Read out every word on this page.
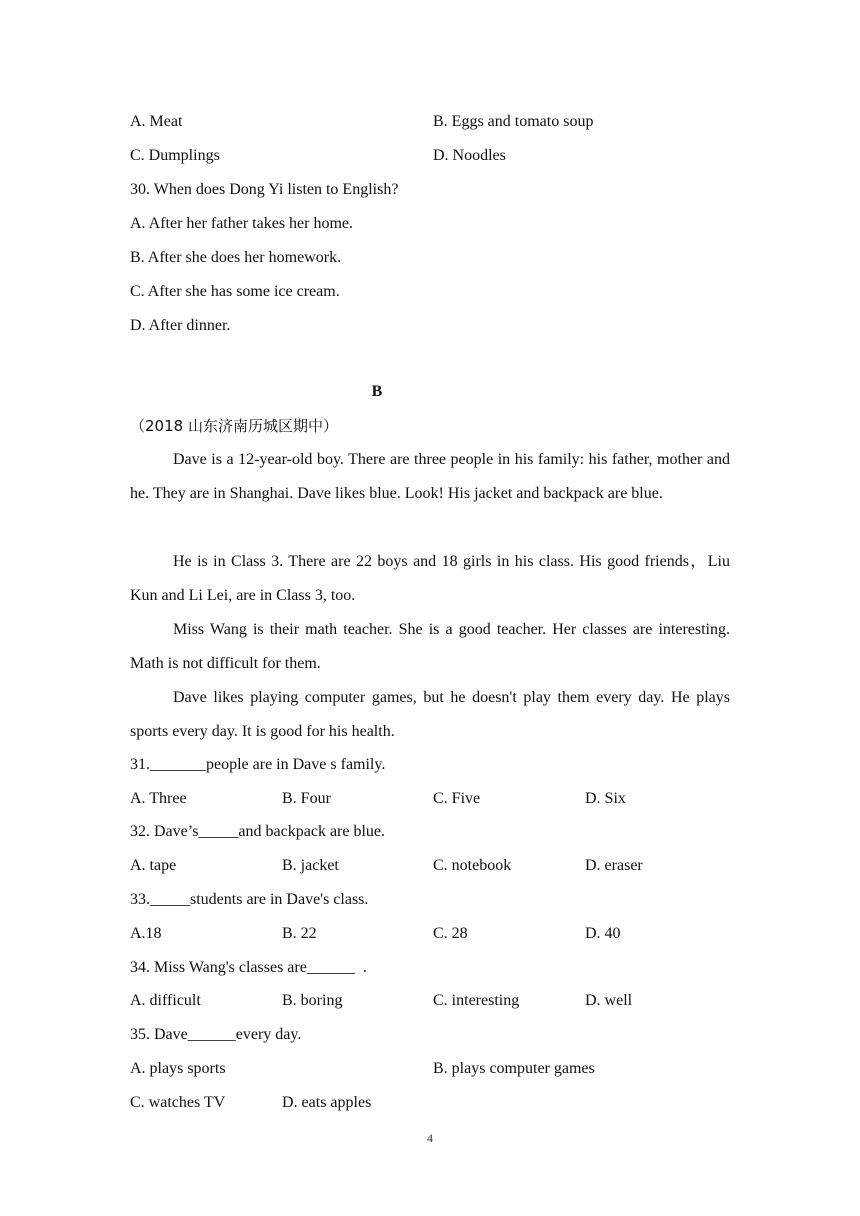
A. Meat	B. Eggs and tomato soup
C. Dumplings	D. Noodles
30. When does Dong Yi listen to English?
A. After her father takes her home.
B. After she does her homework.
C. After she has some ice cream.
D. After dinner.
B
（2018 山东济南历城区期中）
Dave is a 12-year-old boy. There are three people in his family: his father, mother and he. They are in Shanghai. Dave likes blue. Look! His jacket and backpack are blue.
He is in Class 3. There are 22 boys and 18 girls in his class. His good friends，Liu Kun and Li Lei, are in Class 3, too.
Miss Wang is their math teacher. She is a good teacher. Her classes are interesting. Math is not difficult for them.
Dave likes playing computer games, but he doesn't play them every day. He plays sports every day. It is good for his health.
31._______people are in Dave s family.
A. Three	B. Four	C. Five	D. Six
32. Dave’s_____and backpack are blue.
A. tape	B. jacket	C. notebook	D. eraser
33._____students are in Dave's class.
A.18	B. 22	C. 28	D. 40
34. Miss Wang's classes are______  .
A. difficult	B. boring	C. interesting	D. well
35. Dave______every day.
A. plays sports	B. plays computer games
C. watches TV	D. eats apples
4
